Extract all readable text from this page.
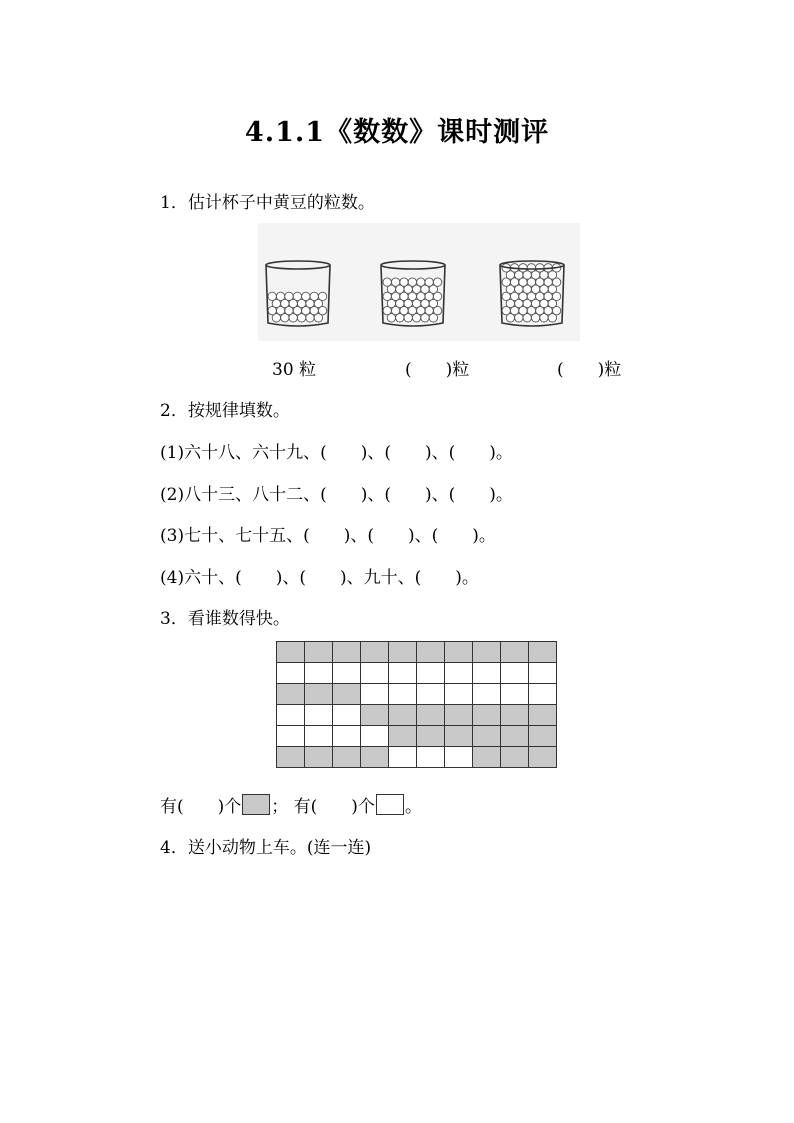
4.1.1《数数》课时测评
1．估计杯子中黄豆的粒数。
30 粒	(　　)粒	(　　)粒
2．按规律填数。
(1)六十八、六十九、(　　)、(　　)、(　　)。
(2)八十三、八十二、(　　)、(　　)、(　　)。
(3)七十、七十五、(　　)、(　　)、(　　)。
(4)六十、(　　)、(　　)、九十、(　　)。
3．看谁数得快。

有(　　)个 ； 有(　　)个 。
4．送小动物上车。(连一连)
